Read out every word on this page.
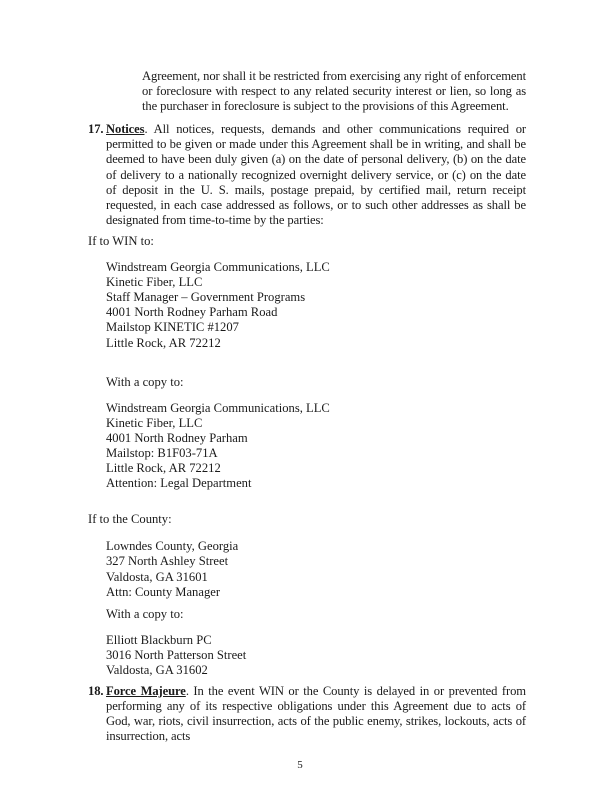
Agreement, nor shall it be restricted from exercising any right of enforcement or foreclosure with respect to any related security interest or lien, so long as the purchaser in foreclosure is subject to the provisions of this Agreement.
17. Notices. All notices, requests, demands and other communications required or permitted to be given or made under this Agreement shall be in writing, and shall be deemed to have been duly given (a) on the date of personal delivery, (b) on the date of delivery to a nationally recognized overnight delivery service, or (c) on the date of deposit in the U. S. mails, postage prepaid, by certified mail, return receipt requested, in each case addressed as follows, or to such other addresses as shall be designated from time-to-time by the parties:
If to WIN to:
Windstream Georgia Communications, LLC
Kinetic Fiber, LLC
Staff Manager – Government Programs
4001 North Rodney Parham Road
Mailstop KINETIC #1207
Little Rock, AR 72212
With a copy to:
Windstream Georgia Communications, LLC
Kinetic Fiber, LLC
4001 North Rodney Parham
Mailstop: B1F03-71A
Little Rock, AR 72212
Attention: Legal Department
If to the County:
Lowndes County, Georgia
327 North Ashley Street
Valdosta, GA 31601
Attn: County Manager
With a copy to:
Elliott Blackburn PC
3016 North Patterson Street
Valdosta, GA 31602
18. Force Majeure. In the event WIN or the County is delayed in or prevented from performing any of its respective obligations under this Agreement due to acts of God, war, riots, civil insurrection, acts of the public enemy, strikes, lockouts, acts of insurrection, acts
5
